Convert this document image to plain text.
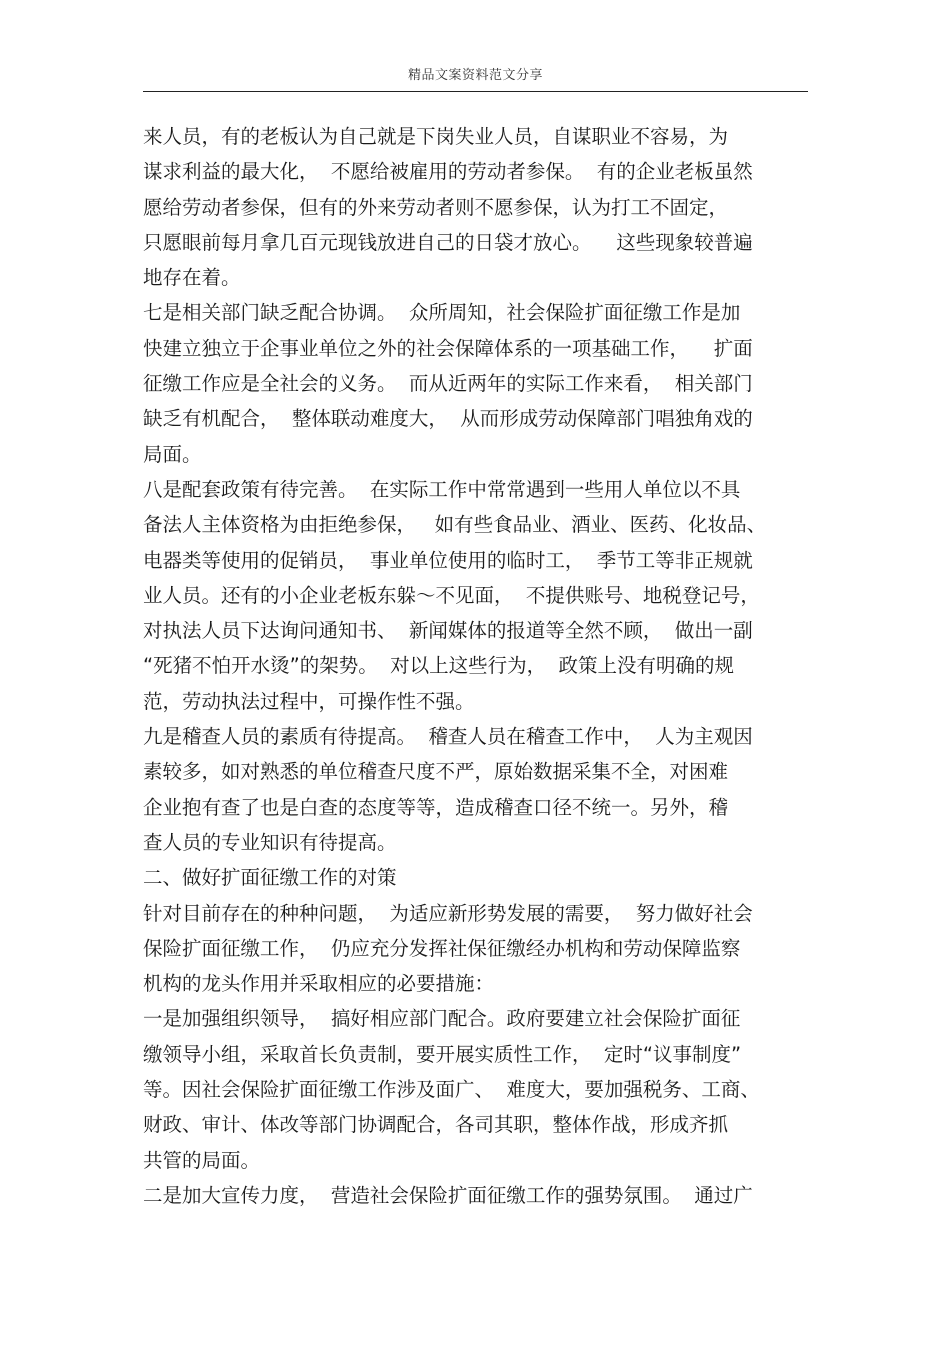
精品文案资料范文分享
来人员，有的老板认为自己就是下岗失业人员，自谋职业不容易，为
谋求利益的最大化，  不愿给被雇用的劳动者参保。  有的企业老板虽然
愿给劳动者参保，但有的外来劳动者则不愿参保，认为打工不固定，
只愿眼前每月拿几百元现钱放进自己的日袋才放心。    这些现象较普遍
地存在着。
七是相关部门缺乏配合协调。  众所周知，社会保险扩面征缴工作是加
快建立独立于企事业单位之外的社会保障体系的一项基础工作，    扩面
征缴工作应是全社会的义务。  而从近两年的实际工作来看，  相关部门
缺乏有机配合，  整体联动难度大，  从而形成劳动保障部门唱独角戏的
局面。
八是配套政策有待完善。  在实际工作中常常遇到一些用人单位以不具
备法人主体资格为由拒绝参保，   如有些食品业、酒业、医药、化妆品、
电器类等使用的促销员，  事业单位使用的临时工，  季节工等非正规就
业人员。还有的小企业老板东躲～不见面，  不提供账号、地税登记号，
对执法人员下达询问通知书、  新闻媒体的报道等全然不顾，  做出一副
“死猪不怕开水烫”的架势。  对以上这些行为，  政策上没有明确的规
范，劳动执法过程中，可操作性不强。
九是稽查人员的素质有待提高。  稽查人员在稽查工作中，  人为主观因
素较多，如对熟悉的单位稽查尺度不严，原始数据采集不全，对困难
企业抱有查了也是白查的态度等等，造成稽查口径不统一。另外，稽
查人员的专业知识有待提高。
二、做好扩面征缴工作的对策
针对目前存在的种种问题，  为适应新形势发展的需要，  努力做好社会
保险扩面征缴工作，  仍应充分发挥社保征缴经办机构和劳动保障监察
机构的龙头作用并采取相应的必要措施：
一是加强组织领导，  搞好相应部门配合。政府要建立社会保险扩面征
缴领导小组，采取首长负责制，要开展实质性工作，  定时“议事制度”
等。因社会保险扩面征缴工作涉及面广、  难度大，要加强税务、工商、
财政、审计、体改等部门协调配合，各司其职，整体作战，形成齐抓
共管的局面。
二是加大宣传力度，  营造社会保险扩面征缴工作的强势氛围。  通过广
